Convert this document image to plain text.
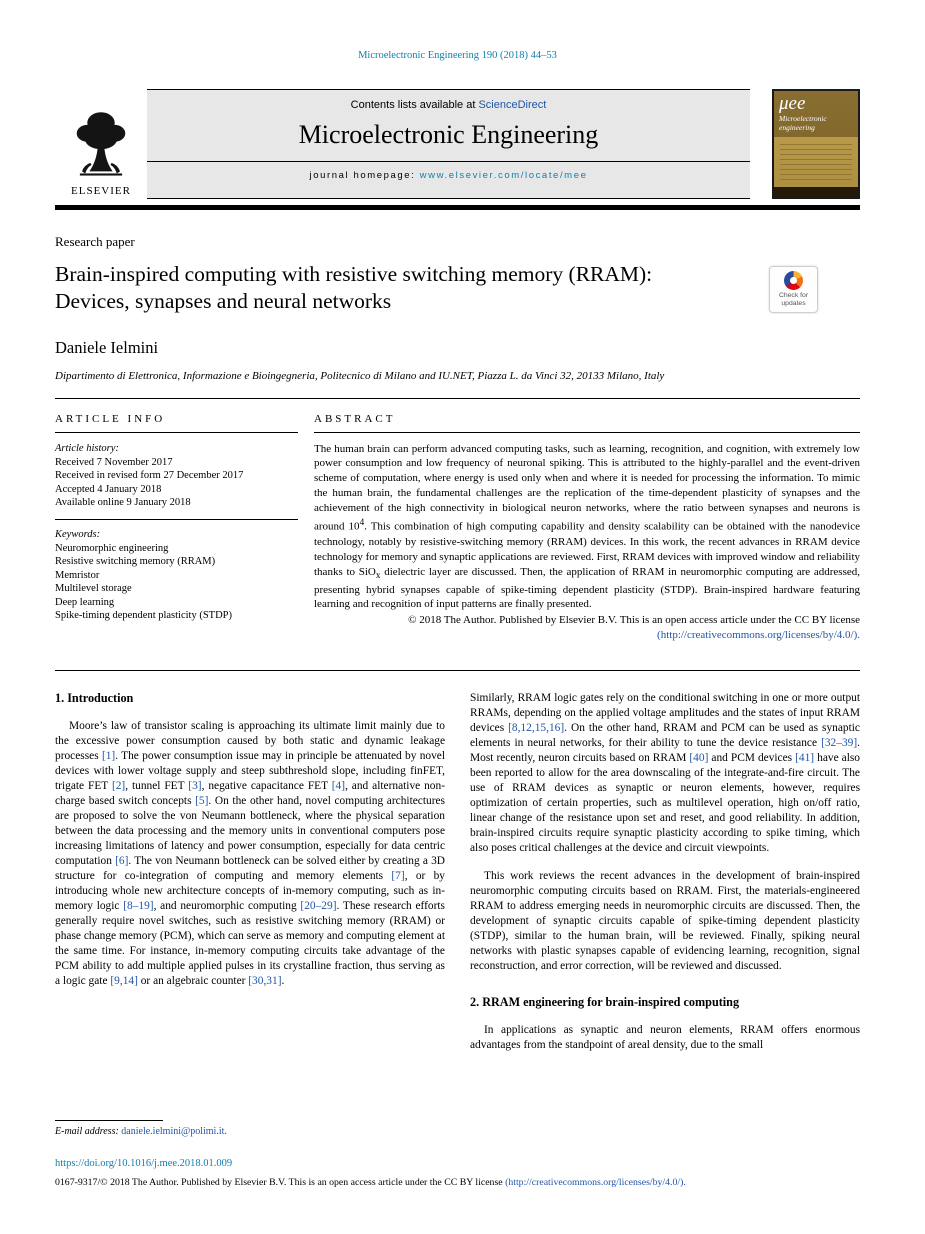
Microelectronic Engineering 190 (2018) 44–53
ELSEVIER
Contents lists available at ScienceDirect
Microelectronic Engineering
journal homepage: www.elsevier.com/locate/mee
μee
Microelectronic engineering
Research paper
Brain-inspired computing with resistive switching memory (RRAM):
Devices, synapses and neural networks	Check for updates
Daniele Ielmini
Dipartimento di Elettronica, Informazione e Bioingegneria, Politecnico di Milano and IU.NET, Piazza L. da Vinci 32, 20133 Milano, Italy
ARTICLE INFO
Article history:
Received 7 November 2017
Received in revised form 27 December 2017
Accepted 4 January 2018
Available online 9 January 2018
Keywords:
Neuromorphic engineering
Resistive switching memory (RRAM)
Memristor
Multilevel storage
Deep learning
Spike-timing dependent plasticity (STDP)
ABSTRACT

The human brain can perform advanced computing tasks, such as learning, recognition, and cognition, with extremely low power consumption and low frequency of neuronal spiking. This is attributed to the highly-parallel and the event-driven scheme of computation, where energy is used only when and where it is needed for processing the information. To mimic the human brain, the fundamental challenges are the replication of the time-dependent plasticity of synapses and the achievement of the high connectivity in biological neuron networks, where the ratio between synapses and neurons is around $10^4$. This combination of high computing capability and density scalability can be obtained with the nanodevice technology, notably by resistive-switching memory (RRAM) devices. In this work, the recent advances in RRAM device technology for memory and synaptic applications are reviewed. First, RRAM devices with improved window and reliability thanks to SiO$_x$ dielectric layer are discussed. Then, the application of RRAM in neuromorphic computing are addressed, presenting hybrid synapses capable of spike-timing dependent plasticity (STDP). Brain-inspired hardware featuring learning and recognition of input patterns are finally presented.

© 2018 The Author. Published by Elsevier B.V. This is an open access article under the CC BY license
(http://creativecommons.org/licenses/by/4.0/).
1. Introduction

Moore’s law of transistor scaling is approaching its ultimate limit mainly due to the excessive power consumption caused by both static and dynamic leakage processes [1]. The power consumption issue may in principle be attenuated by novel devices with lower voltage supply and steep subthreshold slope, including finFET, trigate FET [2], tunnel FET [3], negative capacitance FET [4], and alternative non-charge based switch concepts [5]. On the other hand, novel computing architectures are proposed to solve the von Neumann bottleneck, where the physical separation between the data processing and the memory units in conventional computers pose increasing limitations of latency and power consumption, especially for data centric computation [6]. The von Neumann bottleneck can be solved either by creating a 3D structure for co-integration of computing and memory elements [7], or by introducing whole new architecture concepts of in-memory computing, such as in-memory logic [8–19], and neuromorphic computing [20–29]. These research efforts generally require novel switches, such as resistive switching memory (RRAM) or phase change memory (PCM), which can serve as memory and computing element at the same time. For instance, in-memory computing circuits take advantage of the PCM ability to add multiple applied pulses in its crystalline fraction, thus serving as a logic gate [9,14] or an algebraic counter [30,31].

E-mail address: daniele.ielmini@polimi.it.

Similarly, RRAM logic gates rely on the conditional switching in one or more output RRAMs, depending on the applied voltage amplitudes and the states of input RRAM devices [8,12,15,16]. On the other hand, RRAM and PCM can be used as synaptic elements in neural networks, for their ability to tune the device resistance [32–39]. Most recently, neuron circuits based on RRAM [40] and PCM devices [41] have also been reported to allow for the area downscaling of the integrate-and-fire circuit. The use of RRAM devices as synaptic or neuron elements, however, requires optimization of certain properties, such as multilevel operation, high on/off ratio, linear change of the resistance upon set and reset, and good reliability. In addition, brain-inspired circuits require synaptic plasticity according to spike timing, which also poses critical challenges at the device and circuit viewpoints.

This work reviews the recent advances in the development of brain-inspired neuromorphic computing circuits based on RRAM. First, the materials-engineered RRAM to address emerging needs in neuromorphic circuits are discussed. Then, the development of synaptic circuits capable of spike-timing dependent plasticity (STDP), similar to the human brain, will be reviewed. Finally, spiking neural networks with plastic synapses capable of evidencing learning, recognition, signal reconstruction, and error correction, will be reviewed and discussed.

2. RRAM engineering for brain-inspired computing

In applications as synaptic and neuron elements, RRAM offers enormous advantages from the standpoint of areal density, due to the small

https://doi.org/10.1016/j.mee.2018.01.009
0167-9317/© 2018 The Author. Published by Elsevier B.V. This is an open access article under the CC BY license (http://creativecommons.org/licenses/by/4.0/).
